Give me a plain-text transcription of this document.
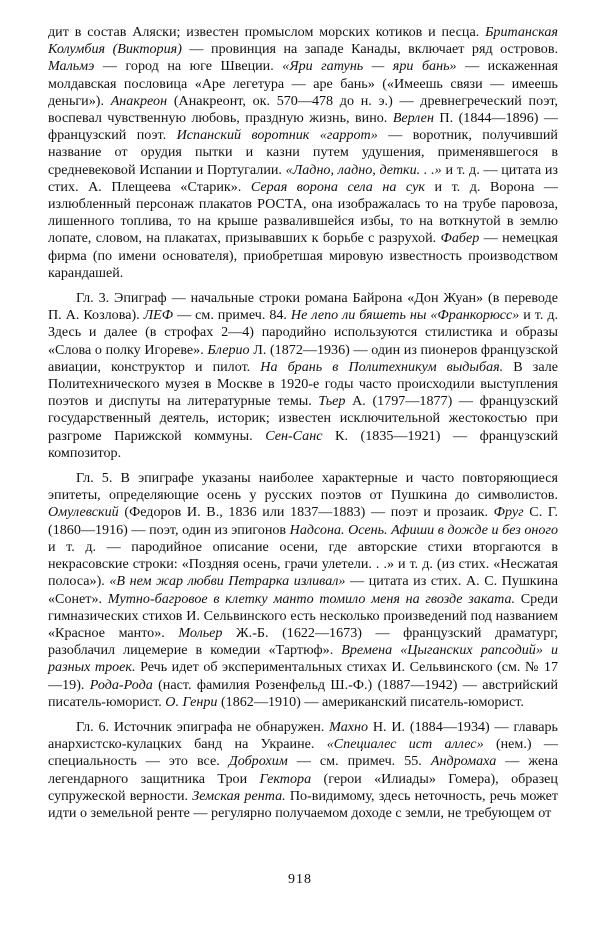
дит в состав Аляски; известен промыслом морских котиков и песца. Британская Колумбия (Виктория) — провинция на западе Канады, включает ряд островов. Мальмэ — город на юге Швеции. «Яри гатунь — яри бань» — искаженная молдавская пословица «Аре легетура — аре бань» («Имеешь связи — имеешь деньги»). Анакреон (Анакреонт, ок. 570—478 до н. э.) — древнегреческий поэт, воспевал чувственную любовь, праздную жизнь, вино. Верлен П. (1844—1896) — французский поэт. Испанский воротник «гаррот» — воротник, получивший название от орудия пытки и казни путем удушения, применявшегося в средневековой Испании и Португалии. «Ладно, ладно, детки. . .» и т. д. — цитата из стих. А. Плещеева «Старик». Серая ворона села на сук и т. д. Ворона — излюбленный персонаж плакатов РОСТА, она изображалась то на трубе паровоза, лишенного топлива, то на крыше развалившейся избы, то на воткнутой в землю лопате, словом, на плакатах, призывавших к борьбе с разрухой. Фабер — немецкая фирма (по имени основателя), приобретшая мировую известность производством карандашей.

Гл. 3. Эпиграф — начальные строки романа Байрона «Дон Жуан» (в переводе П. А. Козлова). ЛЕФ — см. примеч. 84. Не лепо ли бяшеть ны «Франкорюсс» и т. д. Здесь и далее (в строфах 2—4) пародийно используются стилистика и образы «Слова о полку Игореве». Блерио Л. (1872—1936) — один из пионеров французской авиации, конструктор и пилот. На брань в Политехникум выдыбая. В зале Политехнического музея в Москве в 1920-е годы часто происходили выступления поэтов и диспуты на литературные темы. Тьер А. (1797—1877) — французский государственный деятель, историк; известен исключительной жестокостью при разгроме Парижской коммуны. Сен-Санс К. (1835—1921) — французский композитор.

Гл. 5. В эпиграфе указаны наиболее характерные и часто повторяющиеся эпитеты, определяющие осень у русских поэтов от Пушкина до символистов. Омулевский (Федоров И. В., 1836 или 1837—1883) — поэт и прозаик. Фруг С. Г. (1860—1916) — поэт, один из эпигонов Надсона. Осень. Афиши в дожде и без оного и т. д. — пародийное описание осени, где авторские стихи вторгаются в некрасовские строки: «Поздняя осень, грачи улетели. . .» и т. д. (из стих. «Несжатая полоса»). «В нем жар любви Петрарка изливал» — цитата из стих. А. С. Пушкина «Сонет». Мутно-багровое в клетку манто томило меня на гвозде заката. Среди гимназических стихов И. Сельвинского есть несколько произведений под названием «Красное манто». Мольер Ж.-Б. (1622—1673) — французский драматург, разоблачил лицемерие в комедии «Тартюф». Времена «Цыганских рапсодий» и разных троек. Речь идет об экспериментальных стихах И. Сельвинского (см. № 17—19). Рода-Рода (наст. фамилия Розенфельд Ш.-Ф.) (1887—1942) — австрийский писатель-юморист. О. Генри (1862—1910) — американский писатель-юморист.

Гл. 6. Источник эпиграфа не обнаружен. Махно Н. И. (1884—1934) — главарь анархистско-кулацких банд на Украине. «Специалес ист аллес» (нем.) — специальность — это все. Доброхим — см. примеч. 55. Андромаха — жена легендарного защитника Трои Гектора (герои «Илиады» Гомера), образец супружеской верности. Земская рента. По-видимому, здесь неточность, речь может идти о земельной ренте — регулярно получаемом доходе с земли, не требующем от

918
